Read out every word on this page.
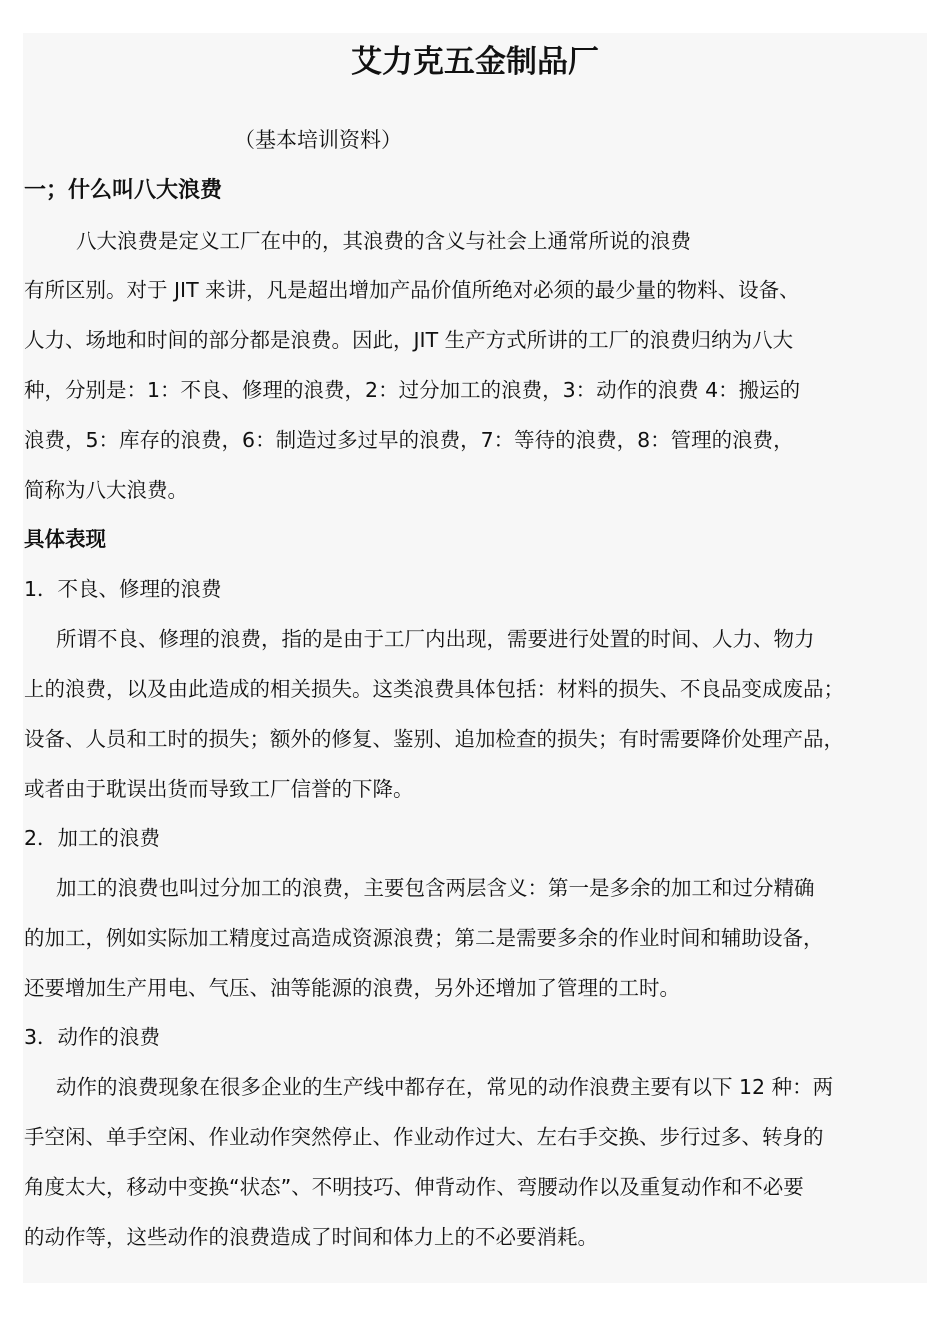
艾力克五金制品厂
（基本培训资料）
一；什么叫八大浪费
八大浪费是定义工厂在中的，其浪费的含义与社会上通常所说的浪费
有所区别。对于 JIT 来讲，凡是超出增加产品价值所绝对必须的最少量的物料、设备、
人力、场地和时间的部分都是浪费。因此，JIT 生产方式所讲的工厂的浪费归纳为八大
种，分别是：1：不良、修理的浪费，2：过分加工的浪费，3：动作的浪费 4：搬运的
浪费，5：库存的浪费，6：制造过多过早的浪费，7：等待的浪费，8：管理的浪费，
简称为八大浪费。
具体表现
1．不良、修理的浪费
所谓不良、修理的浪费，指的是由于工厂内出现，需要进行处置的时间、人力、物力
上的浪费，以及由此造成的相关损失。这类浪费具体包括：材料的损失、不良品变成废品；
设备、人员和工时的损失；额外的修复、鉴别、追加检查的损失；有时需要降价处理产品，
或者由于耽误出货而导致工厂信誉的下降。
2．加工的浪费
加工的浪费也叫过分加工的浪费，主要包含两层含义：第一是多余的加工和过分精确
的加工，例如实际加工精度过高造成资源浪费；第二是需要多余的作业时间和辅助设备，
还要增加生产用电、气压、油等能源的浪费，另外还增加了管理的工时。
3．动作的浪费
动作的浪费现象在很多企业的生产线中都存在，常见的动作浪费主要有以下 12 种：两
手空闲、单手空闲、作业动作突然停止、作业动作过大、左右手交换、步行过多、转身的
角度太大，移动中变换“状态”、不明技巧、伸背动作、弯腰动作以及重复动作和不必要
的动作等，这些动作的浪费造成了时间和体力上的不必要消耗。
